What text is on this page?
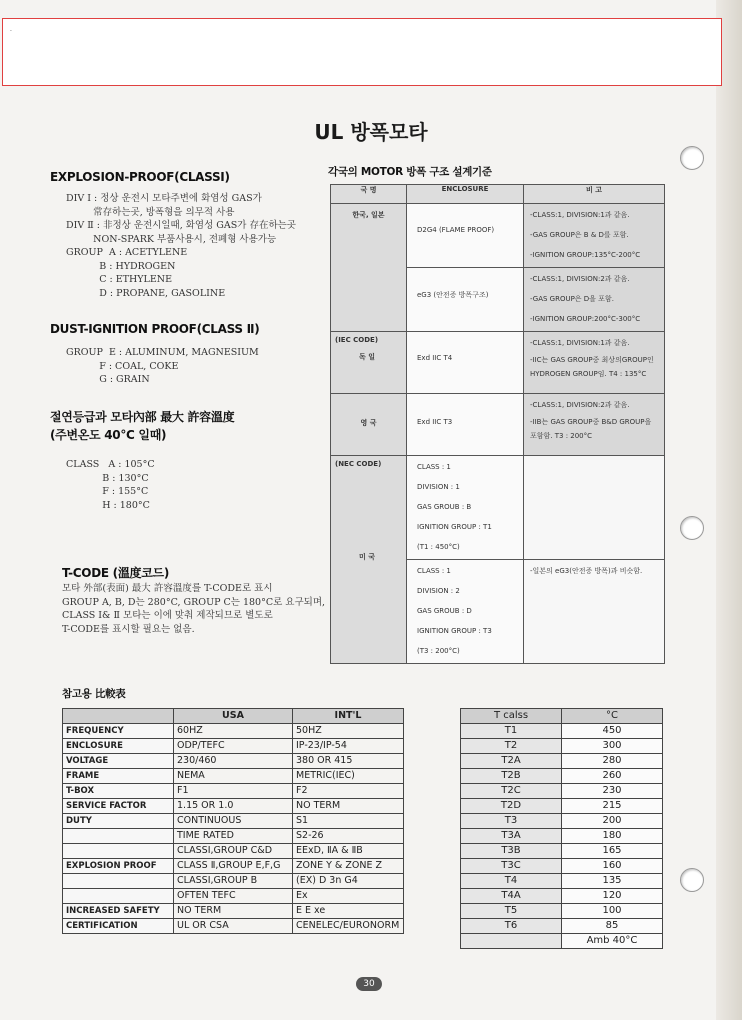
·
UL 방폭모타
EXPLOSION-PROOF(CLASSⅠ)
DIV Ⅰ : 정상 운전시 모타주변에 화염성 GAS가
常存하는곳, 방폭형을 의무적 사용
DIV Ⅱ : 非정상 운전시일때, 화염성 GAS가 存在하는곳
NON-SPARK 부품사용시, 전폐형 사용가능
GROUP  A : ACETYLENE
B : HYDROGEN
C : ETHYLENE
D : PROPANE, GASOLINE
DUST-IGNITION PROOF(CLASS Ⅱ)
GROUP  E : ALUMINUM, MAGNESIUM
F : COAL, COKE
G : GRAIN
절연등급과 모타內部 最大 許容溫度
(주변온도 40°C 일때)
CLASS   A : 105°C
B : 130°C
F : 155°C
H : 180°C
T-CODE (溫度코드)
모타 外部(表面) 最大 許容溫度를 T-CODE로 표시
GROUP A, B, D는 280°C, GROUP C는 180°C로 요구되며,
CLASS Ⅰ& Ⅱ 모타는 이에 맞춰 제작되므로 별도로
T-CODE를 표시할 필요는 없음.
각국의 MOTOR 방폭 구조 설계기준
국 명	ENCLOSURE	비 고
한국, 일본	D2G4 (FLAME PROOF)	-CLASS:1, DIVISION:1과 같음.
-GAS GROUP은 B & D를 포함.
-IGNITION GROUP:135°C-200°C

	eG3 (안전증 방폭구조)	-CLASS:1, DIVISION:2과 같음.
-GAS GROUP은 D을 포함.
-IGNITION GROUP:200°C-300°C

(IEC CODE)
독 일	Exd IIC T4	-CLASS:1, DIVISION:1과 같음.
-IIC는 GAS GROUP중 최상의GROUP인
HYDROGEN GROUP임. T4 : 135°C

영 국	Exd IIC T3	-CLASS:1, DIVISION:2과 같음.
-IIB는 GAS GROUP중 B&D GROUP을
포함함. T3 : 200°C

(NEC CODE)
미 국	CLASS : 1
DIVISION : 1
GAS GROUB : B
IGNITION GROUP : T1
(T1 : 450°C)	

	CLASS : 1
DIVISION : 2
GAS GROUB : D
IGNITION GROUP : T3
(T3 : 200°C)	-일본의 eG3(안전증 방폭)과 비슷함.
참고용 比較表
	USA	INT'L
FREQUENCY	60HZ	50HZ
ENCLOSURE	ODP/TEFC	IP-23/IP-54
VOLTAGE	230/460	380 OR 415
FRAME	NEMA	METRIC(IEC)
T-BOX	F1	F2
SERVICE FACTOR	1.15 OR 1.0	NO TERM
DUTY	CONTINUOUS	S1
	TIME RATED	S2-26
	CLASSⅠ,GROUP C&D	EExD, ⅡA & ⅡB
EXPLOSION PROOF	CLASS Ⅱ,GROUP E,F,G	ZONE Y & ZONE Z
	CLASSⅠ,GROUP B	(EX) D 3n G4
	OFTEN TEFC	Ex
INCREASED SAFETY	NO TERM	E E xe
CERTIFICATION	UL OR CSA	CENELEC/EURONORM
T calss	°C
T1	450
T2	300
T2A	280
T2B	260
T2C	230
T2D	215
T3	200
T3A	180
T3B	165
T3C	160
T4	135
T4A	120
T5	100
T6	85
	Amb 40°C
30
